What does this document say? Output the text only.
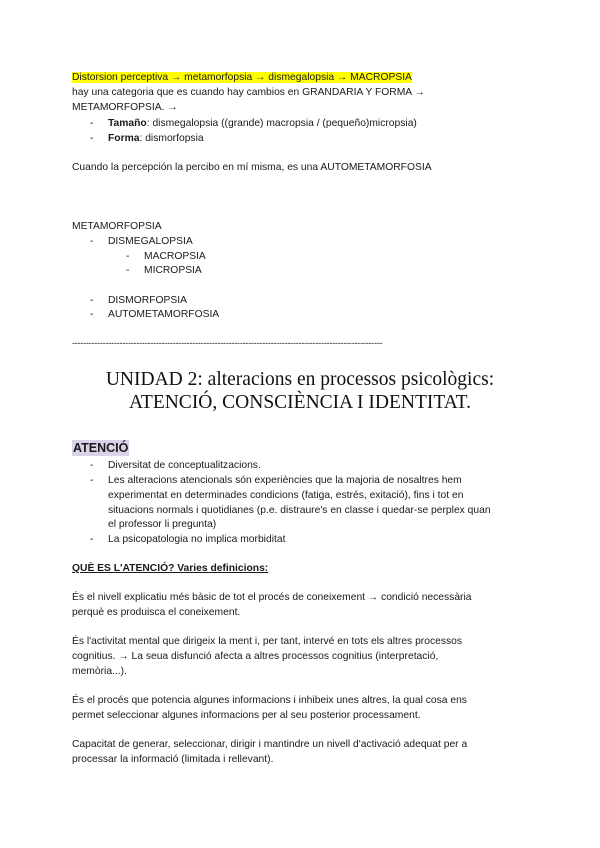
Distorsion perceptiva → metamorfopsia → dismegalopsia → MACROPSIA
hay una categoria que es cuando hay cambios en GRANDARIA Y FORMA →
METAMORFOPSIA. →
- Tamaño: dismegalopsia ((grande) macropsia / (pequeño)micropsia)
- Forma: dismorfopsia
Cuando la percepción la percibo en mí misma, es una AUTOMETAMORFOSIA
METAMORFOPSIA
- DISMEGALOPSIA
- MACROPSIA
- MICROPSIA
- DISMORFOPSIA
- AUTOMETAMORFOSIA
---------------------------------------------------------------------------------------------------------------
UNIDAD 2: alteracions en processos psicològics:
ATENCIÓ, CONSCIÈNCIA I IDENTITAT.
ATENCIÓ
- Diversitat de conceptualitzacions.
- Les alteracions atencionals són experiències que la majoria de nosaltres hem
experimentat en determinades condicions (fatiga, estrés, exitació), fins i tot en
situacions normals i quotidianes (p.e. distraure's en classe i quedar-se perplex quan
el professor li pregunta)
- La psicopatologia no implica morbiditat
QUÈ ES L'ATENCIÓ? Varies definicions:
És el nivell explicatiu més bàsic de tot el procés de coneixement → condició necessària
perquè es produisca el coneixement.
És l'activitat mental que dirigeix la ment i, per tant, intervé en tots els altres processos
cognitius. → La seua disfunció afecta a altres processos cognitius (interpretació,
memòria...).
És el procés que potencia algunes informacions i inhibeix unes altres, la qual cosa ens
permet seleccionar algunes informacions per al seu posterior processament.
Capacitat de generar, seleccionar, dirigir i mantindre un nivell d'activació adequat per a
processar la informació (limitada i rellevant).
